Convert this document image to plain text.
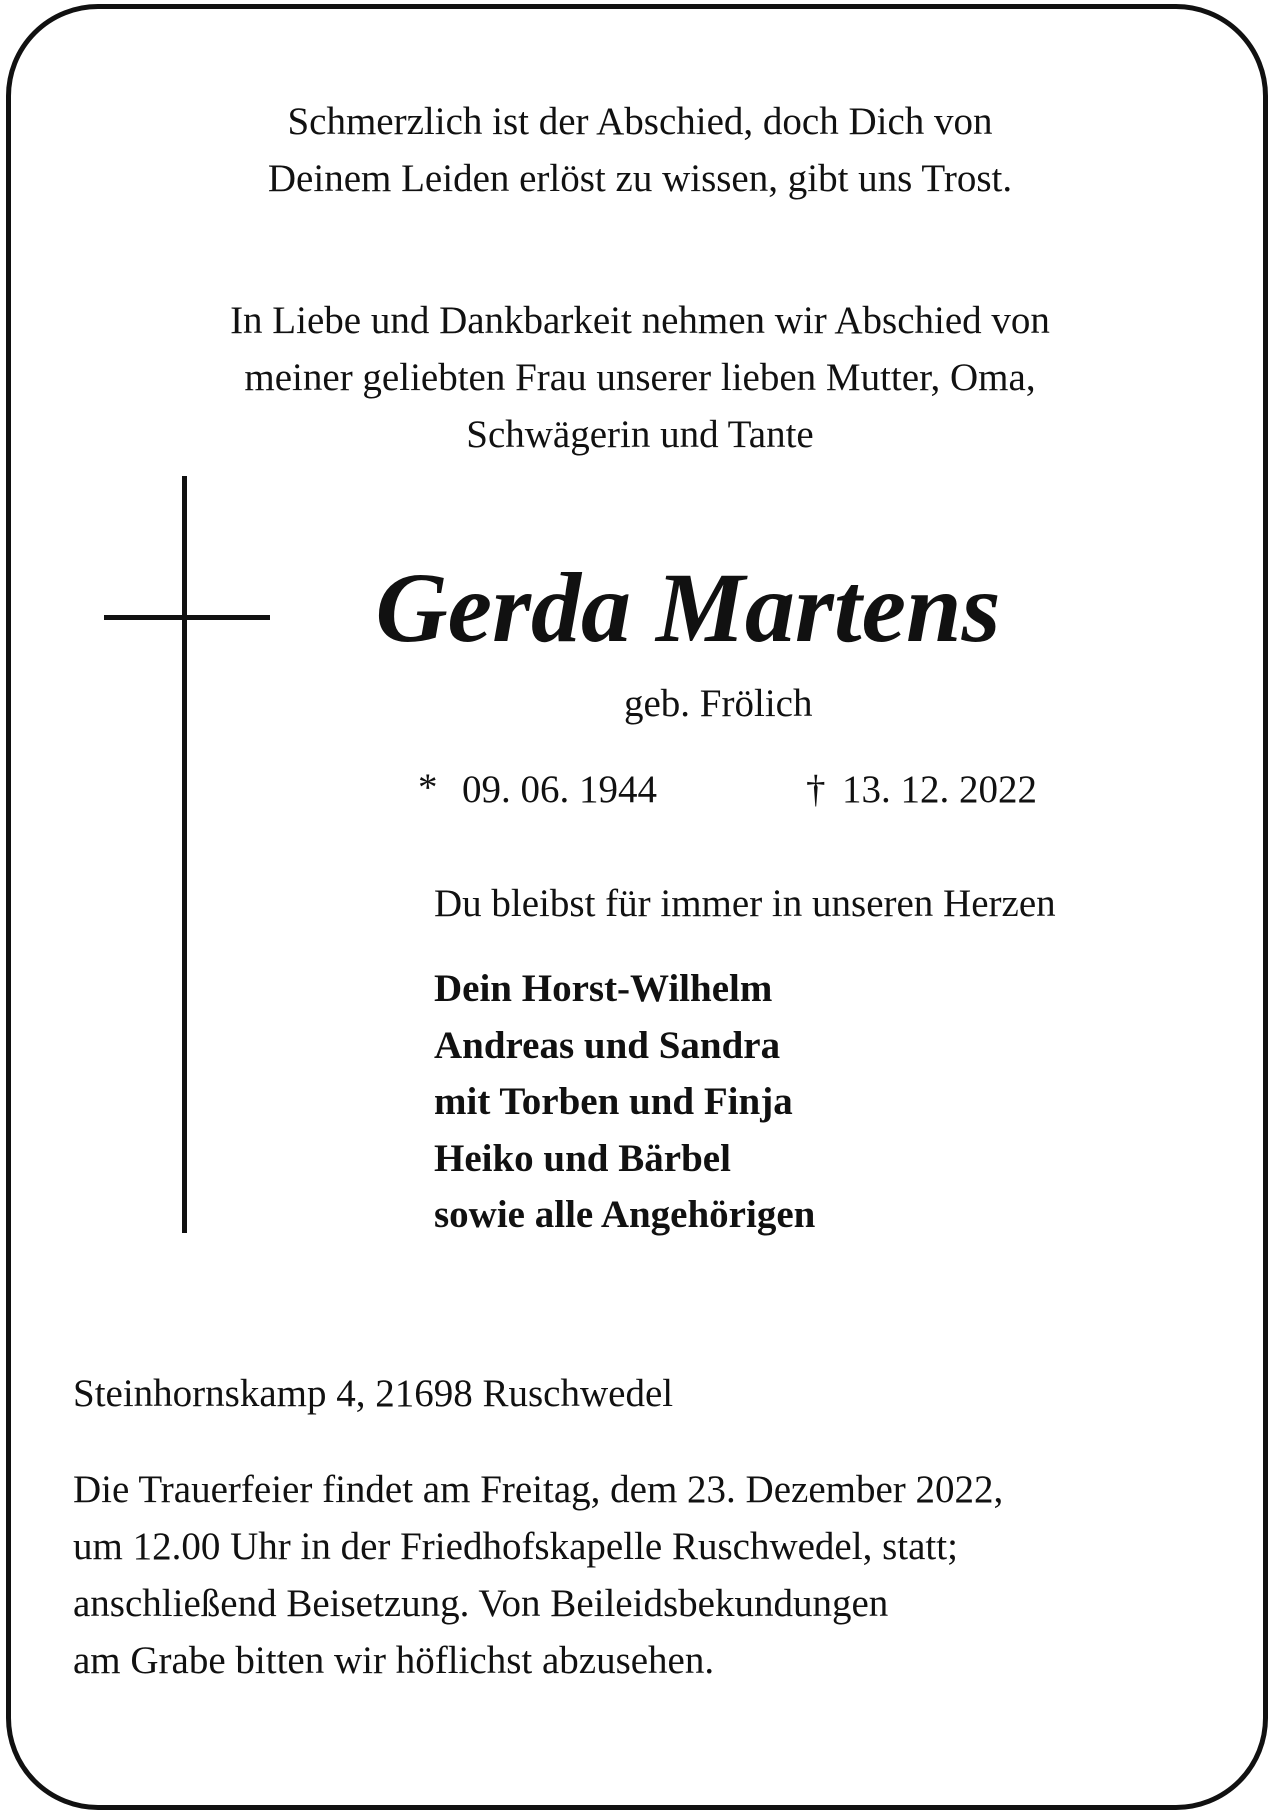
Schmerzlich ist der Abschied, doch Dich von
Deinem Leiden erlöst zu wissen, gibt uns Trost.
In Liebe und Dankbarkeit nehmen wir Abschied von
meiner geliebten Frau unserer lieben Mutter, Oma,
Schwägerin und Tante
Gerda Martens
geb. Frölich
* 09. 06. 1944	† 13. 12. 2022
Du bleibst für immer in unseren Herzen
Dein Horst-Wilhelm
Andreas und Sandra
mit Torben und Finja
Heiko und Bärbel
sowie alle Angehörigen
Steinhornskamp 4, 21698 Ruschwedel
Die Trauerfeier findet am Freitag, dem 23. Dezember 2022,
um 12.00 Uhr in der Friedhofskapelle Ruschwedel, statt;
anschließend Beisetzung. Von Beileidsbekundungen
am Grabe bitten wir höflichst abzusehen.
